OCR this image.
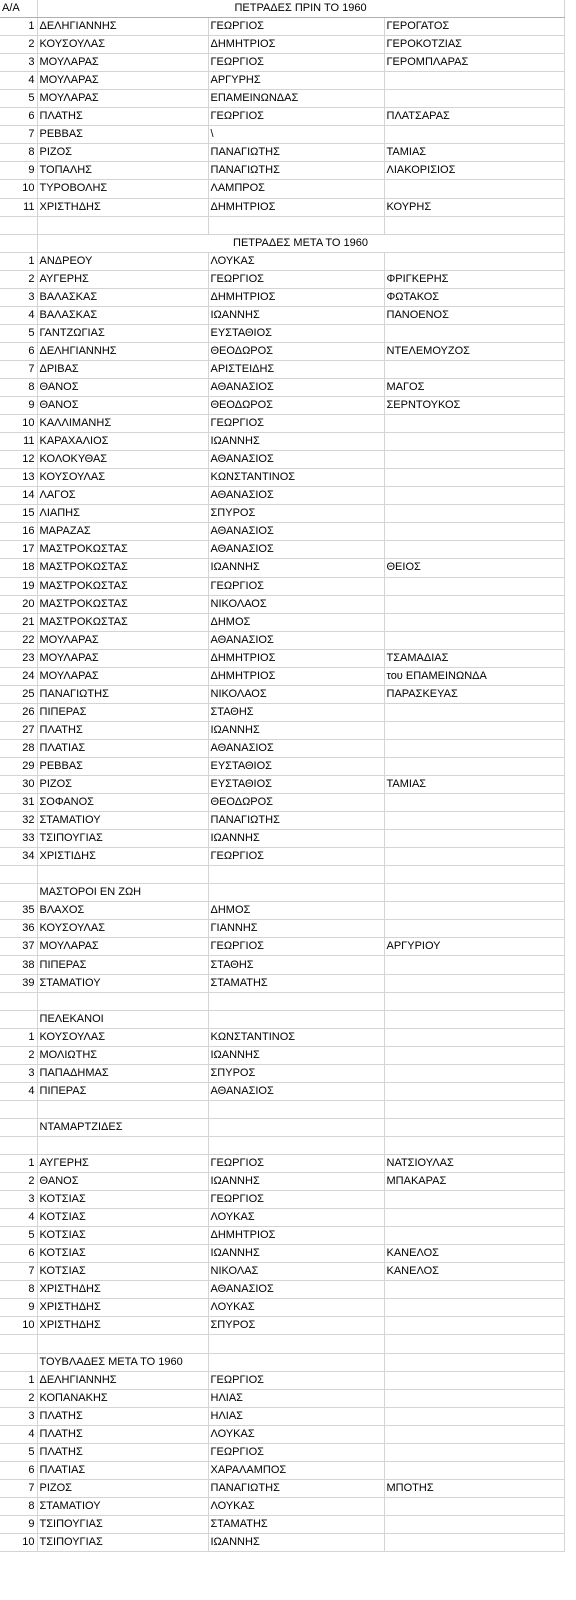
Α/Α	ΠΕΤΡΑΔΕΣ ΠΡΙΝ ΤΟ 1960		
1	ΔΕΛΗΓΙΑΝΝΗΣ	ΓΕΩΡΓΙΟΣ	ΓΕΡΟΓΑΤΟΣ
2	ΚΟΥΣΟΥΛΑΣ	ΔΗΜΗΤΡΙΟΣ	ΓΕΡΟΚΟΤΖΙΑΣ
3	ΜΟΥΛΑΡΑΣ	ΓΕΩΡΓΙΟΣ	ΓΕΡΟΜΠΛΑΡΑΣ
4	ΜΟΥΛΑΡΑΣ	ΑΡΓΥΡΗΣ	
5	ΜΟΥΛΑΡΑΣ	ΕΠΑΜΕΙΝΩΝΔΑΣ	
6	ΠΛΑΤΗΣ	ΓΕΩΡΓΙΟΣ	ΠΛΑΤΣΑΡΑΣ
7	ΡΕΒΒΑΣ	\	
8	ΡΙΖΟΣ	ΠΑΝΑΓΙΩΤΗΣ	ΤΑΜΙΑΣ
9	ΤΟΠΑΛΗΣ	ΠΑΝΑΓΙΩΤΗΣ	ΛΙΑΚΟΡΙΣΙΟΣ
10	ΤΥΡΟΒΟΛΗΣ	ΛΑΜΠΡΟΣ	
11	ΧΡΙΣΤΗΔΗΣ	ΔΗΜΗΤΡΙΟΣ	ΚΟΥΡΗΣ

	ΠΕΤΡΑΔΕΣ ΜΕΤΑ ΤΟ 1960		
1	ΑΝΔΡΕΟΥ	ΛΟΥΚΑΣ	
2	ΑΥΓΕΡΗΣ	ΓΕΩΡΓΙΟΣ	ΦΡΙΓΚΕΡΗΣ
3	ΒΑΛΑΣΚΑΣ	ΔΗΜΗΤΡΙΟΣ	ΦΩΤΑΚΟΣ
4	ΒΑΛΑΣΚΑΣ	ΙΩΑΝΝΗΣ	ΠΑΝΟΕΝΟΣ
5	ΓΑΝΤΖΩΓΙΑΣ	ΕΥΣΤΑΘΙΟΣ	
6	ΔΕΛΗΓΙΑΝΝΗΣ	ΘΕΟΔΩΡΟΣ	ΝΤΕΛΕΜΟΥΖΟΣ
7	ΔΡΙΒΑΣ	ΑΡΙΣΤΕΙΔΗΣ	
8	ΘΑΝΟΣ	ΑΘΑΝΑΣΙΟΣ	ΜΑΓΟΣ
9	ΘΑΝΟΣ	ΘΕΟΔΩΡΟΣ	ΣΕΡΝΤΟΥΚΟΣ
10	ΚΑΛΛΙΜΑΝΗΣ	ΓΕΩΡΓΙΟΣ	
11	ΚΑΡΑΧΑΛΙΟΣ	ΙΩΑΝΝΗΣ	
12	ΚΟΛΟΚΥΘΑΣ	ΑΘΑΝΑΣΙΟΣ	
13	ΚΟΥΣΟΥΛΑΣ	ΚΩΝΣΤΑΝΤΙΝΟΣ	
14	ΛΑΓΟΣ	ΑΘΑΝΑΣΙΟΣ	
15	ΛΙΑΠΗΣ	ΣΠΥΡΟΣ	
16	ΜΑΡΑΖΑΣ	ΑΘΑΝΑΣΙΟΣ	
17	ΜΑΣΤΡΟΚΩΣΤΑΣ	ΑΘΑΝΑΣΙΟΣ	
18	ΜΑΣΤΡΟΚΩΣΤΑΣ	ΙΩΑΝΝΗΣ	ΘΕΙΟΣ
19	ΜΑΣΤΡΟΚΩΣΤΑΣ	ΓΕΩΡΓΙΟΣ	
20	ΜΑΣΤΡΟΚΩΣΤΑΣ	ΝΙΚΟΛΑΟΣ	
21	ΜΑΣΤΡΟΚΩΣΤΑΣ	ΔΗΜΟΣ	
22	ΜΟΥΛΑΡΑΣ	ΑΘΑΝΑΣΙΟΣ	
23	ΜΟΥΛΑΡΑΣ	ΔΗΜΗΤΡΙΟΣ	ΤΣΑΜΑΔΙΑΣ
24	ΜΟΥΛΑΡΑΣ	ΔΗΜΗΤΡΙΟΣ	του ΕΠΑΜΕΙΝΩΝΔΑ
25	ΠΑΝΑΓΙΩΤΗΣ	ΝΙΚΟΛΑΟΣ	ΠΑΡΑΣΚΕΥΑΣ
26	ΠΙΠΕΡΑΣ	ΣΤΑΘΗΣ	
27	ΠΛΑΤΗΣ	ΙΩΑΝΝΗΣ	
28	ΠΛΑΤΙΑΣ	ΑΘΑΝΑΣΙΟΣ	
29	ΡΕΒΒΑΣ	ΕΥΣΤΑΘΙΟΣ	
30	ΡΙΖΟΣ	ΕΥΣΤΑΘΙΟΣ	ΤΑΜΙΑΣ
31	ΣΟΦΑΝΟΣ	ΘΕΟΔΩΡΟΣ	
32	ΣΤΑΜΑΤΙΟΥ	ΠΑΝΑΓΙΩΤΗΣ	
33	ΤΣΙΠΟΥΓΙΑΣ	ΙΩΑΝΝΗΣ	
34	ΧΡΙΣΤΙΔΗΣ	ΓΕΩΡΓΙΟΣ	

	ΜΑΣΤΟΡΟΙ ΕΝ ΖΩΗ		
35	ΒΛΑΧΟΣ	ΔΗΜΟΣ	
36	ΚΟΥΣΟΥΛΑΣ	ΓΙΑΝΝΗΣ	
37	ΜΟΥΛΑΡΑΣ	ΓΕΩΡΓΙΟΣ	ΑΡΓΥΡΙΟΥ
38	ΠΙΠΕΡΑΣ	ΣΤΑΘΗΣ	
39	ΣΤΑΜΑΤΙΟΥ	ΣΤΑΜΑΤΗΣ	

	ΠΕΛΕΚΑΝΟΙ		
1	ΚΟΥΣΟΥΛΑΣ	ΚΩΝΣΤΑΝΤΙΝΟΣ	
2	ΜΟΛΙΩΤΗΣ	ΙΩΑΝΝΗΣ	
3	ΠΑΠΑΔΗΜΑΣ	ΣΠΥΡΟΣ	
4	ΠΙΠΕΡΑΣ	ΑΘΑΝΑΣΙΟΣ	

	ΝΤΑΜΑΡΤΖΙΔΕΣ		

1	ΑΥΓΕΡΗΣ	ΓΕΩΡΓΙΟΣ	ΝΑΤΣΙΟΥΛΑΣ
2	ΘΑΝΟΣ	ΙΩΑΝΝΗΣ	ΜΠΑΚΑΡΑΣ
3	ΚΟΤΣΙΑΣ	ΓΕΩΡΓΙΟΣ	
4	ΚΟΤΣΙΑΣ	ΛΟΥΚΑΣ	
5	ΚΟΤΣΙΑΣ	ΔΗΜΗΤΡΙΟΣ	
6	ΚΟΤΣΙΑΣ	ΙΩΑΝΝΗΣ	ΚΑΝΕΛΟΣ
7	ΚΟΤΣΙΑΣ	ΝΙΚΟΛΑΣ	ΚΑΝΕΛΟΣ
8	ΧΡΙΣΤΗΔΗΣ	ΑΘΑΝΑΣΙΟΣ	
9	ΧΡΙΣΤΗΔΗΣ	ΛΟΥΚΑΣ	
10	ΧΡΙΣΤΗΔΗΣ	ΣΠΥΡΟΣ	

	ΤΟΥΒΛΑΔΕΣ ΜΕΤΑ ΤΟ 1960		
1	ΔΕΛΗΓΙΑΝΝΗΣ	ΓΕΩΡΓΙΟΣ	
2	ΚΟΠΑΝΑΚΗΣ	ΗΛΙΑΣ	
3	ΠΛΑΤΗΣ	ΗΛΙΑΣ	
4	ΠΛΑΤΗΣ	ΛΟΥΚΑΣ	
5	ΠΛΑΤΗΣ	ΓΕΩΡΓΙΟΣ	
6	ΠΛΑΤΙΑΣ	ΧΑΡΑΛΑΜΠΟΣ	
7	ΡΙΖΟΣ	ΠΑΝΑΓΙΩΤΗΣ	ΜΠΟΤΗΣ
8	ΣΤΑΜΑΤΙΟΥ	ΛΟΥΚΑΣ	
9	ΤΣΙΠΟΥΓΙΑΣ	ΣΤΑΜΑΤΗΣ	
10	ΤΣΙΠΟΥΓΙΑΣ	ΙΩΑΝΝΗΣ	
